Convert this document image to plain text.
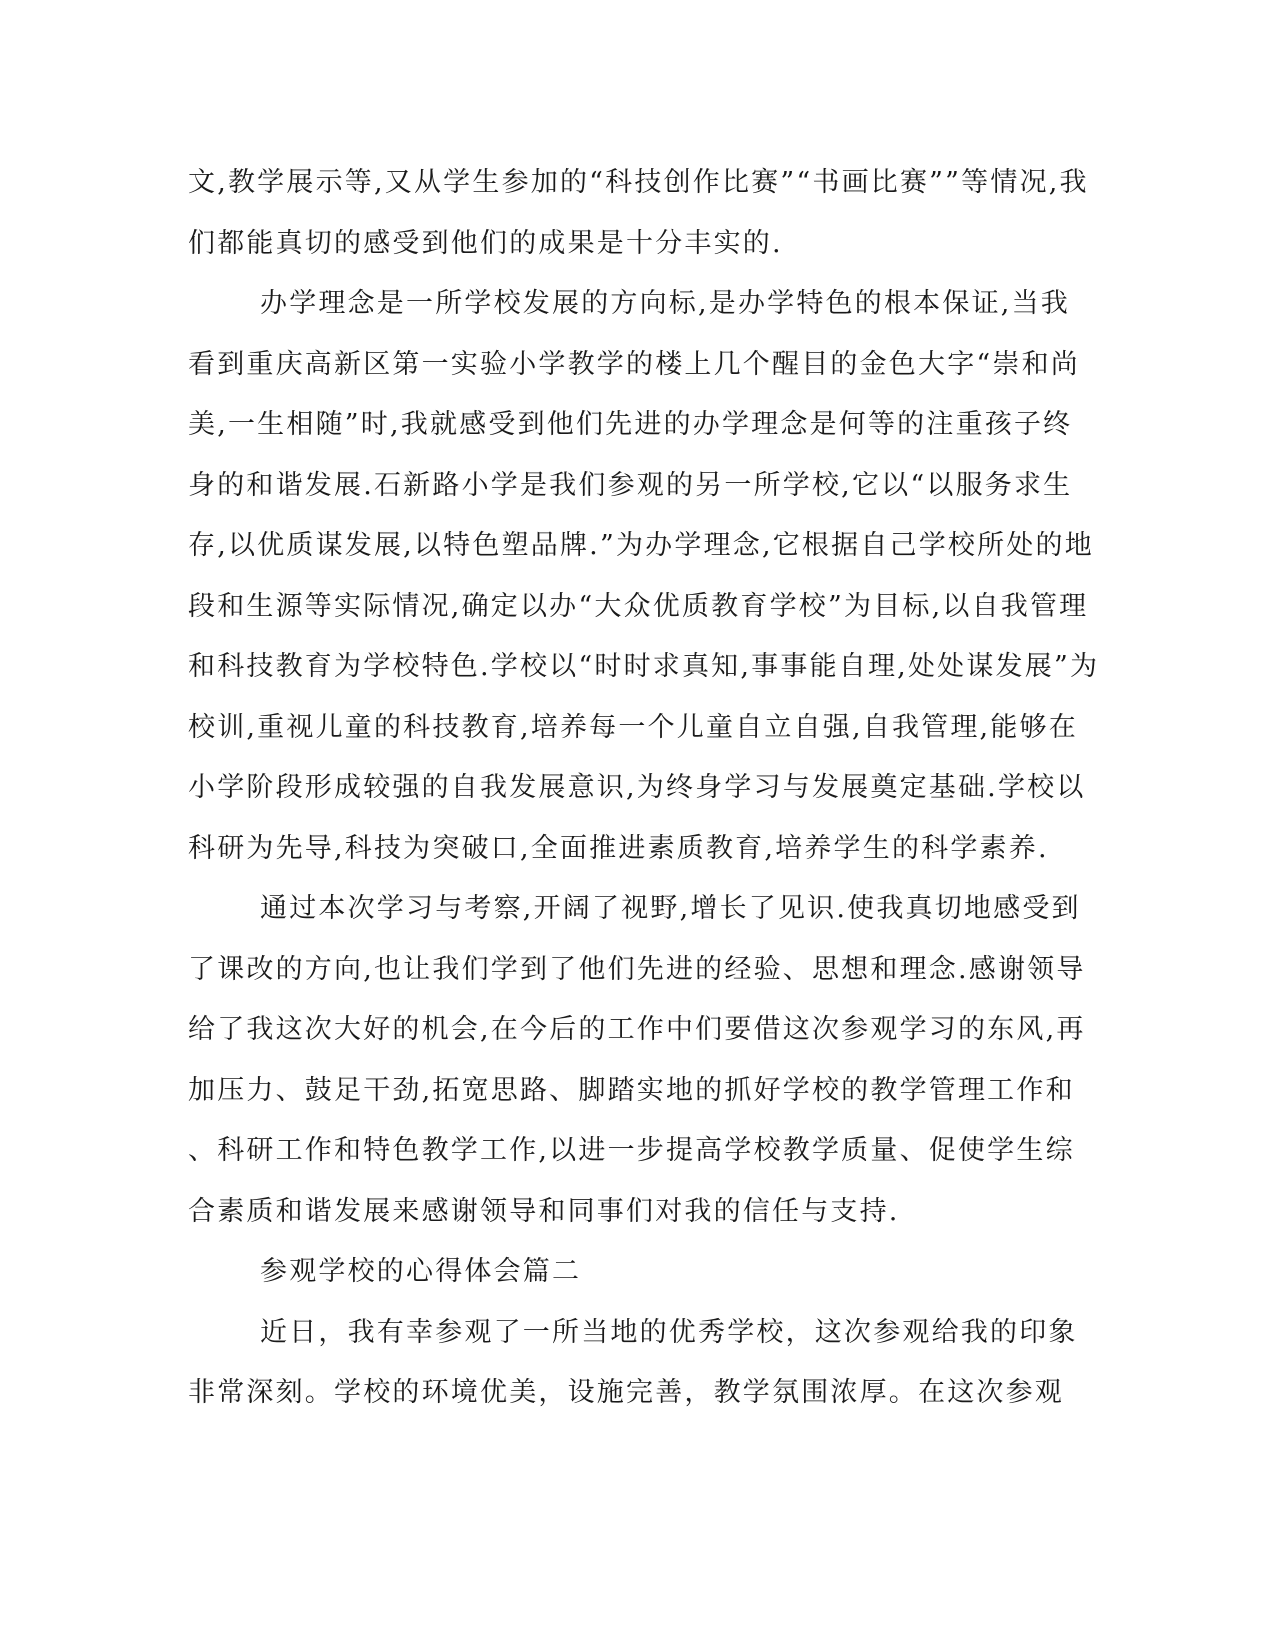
文,教学展示等,又从学生参加的“科技创作比赛”“书画比赛””等情况,我
们都能真切的感受到他们的成果是十分丰实的.
办学理念是一所学校发展的方向标,是办学特色的根本保证,当我
看到重庆高新区第一实验小学教学的楼上几个醒目的金色大字“崇和尚
美,一生相随”时,我就感受到他们先进的办学理念是何等的注重孩子终
身的和谐发展.石新路小学是我们参观的另一所学校,它以“以服务求生
存,以优质谋发展,以特色塑品牌.”为办学理念,它根据自己学校所处的地
段和生源等实际情况,确定以办“大众优质教育学校”为目标,以自我管理
和科技教育为学校特色.学校以“时时求真知,事事能自理,处处谋发展”为
校训,重视儿童的科技教育,培养每一个儿童自立自强,自我管理,能够在
小学阶段形成较强的自我发展意识,为终身学习与发展奠定基础.学校以
科研为先导,科技为突破口,全面推进素质教育,培养学生的科学素养.
通过本次学习与考察,开阔了视野,增长了见识.使我真切地感受到
了课改的方向,也让我们学到了他们先进的经验、思想和理念.感谢领导
给了我这次大好的机会,在今后的工作中们要借这次参观学习的东风,再
加压力、鼓足干劲,拓宽思路、脚踏实地的抓好学校的教学管理工作和
、科研工作和特色教学工作,以进一步提高学校教学质量、促使学生综
合素质和谐发展来感谢领导和同事们对我的信任与支持.
参观学校的心得体会篇二
近日，我有幸参观了一所当地的优秀学校，这次参观给我的印象
非常深刻。学校的环境优美，设施完善，教学氛围浓厚。在这次参观
